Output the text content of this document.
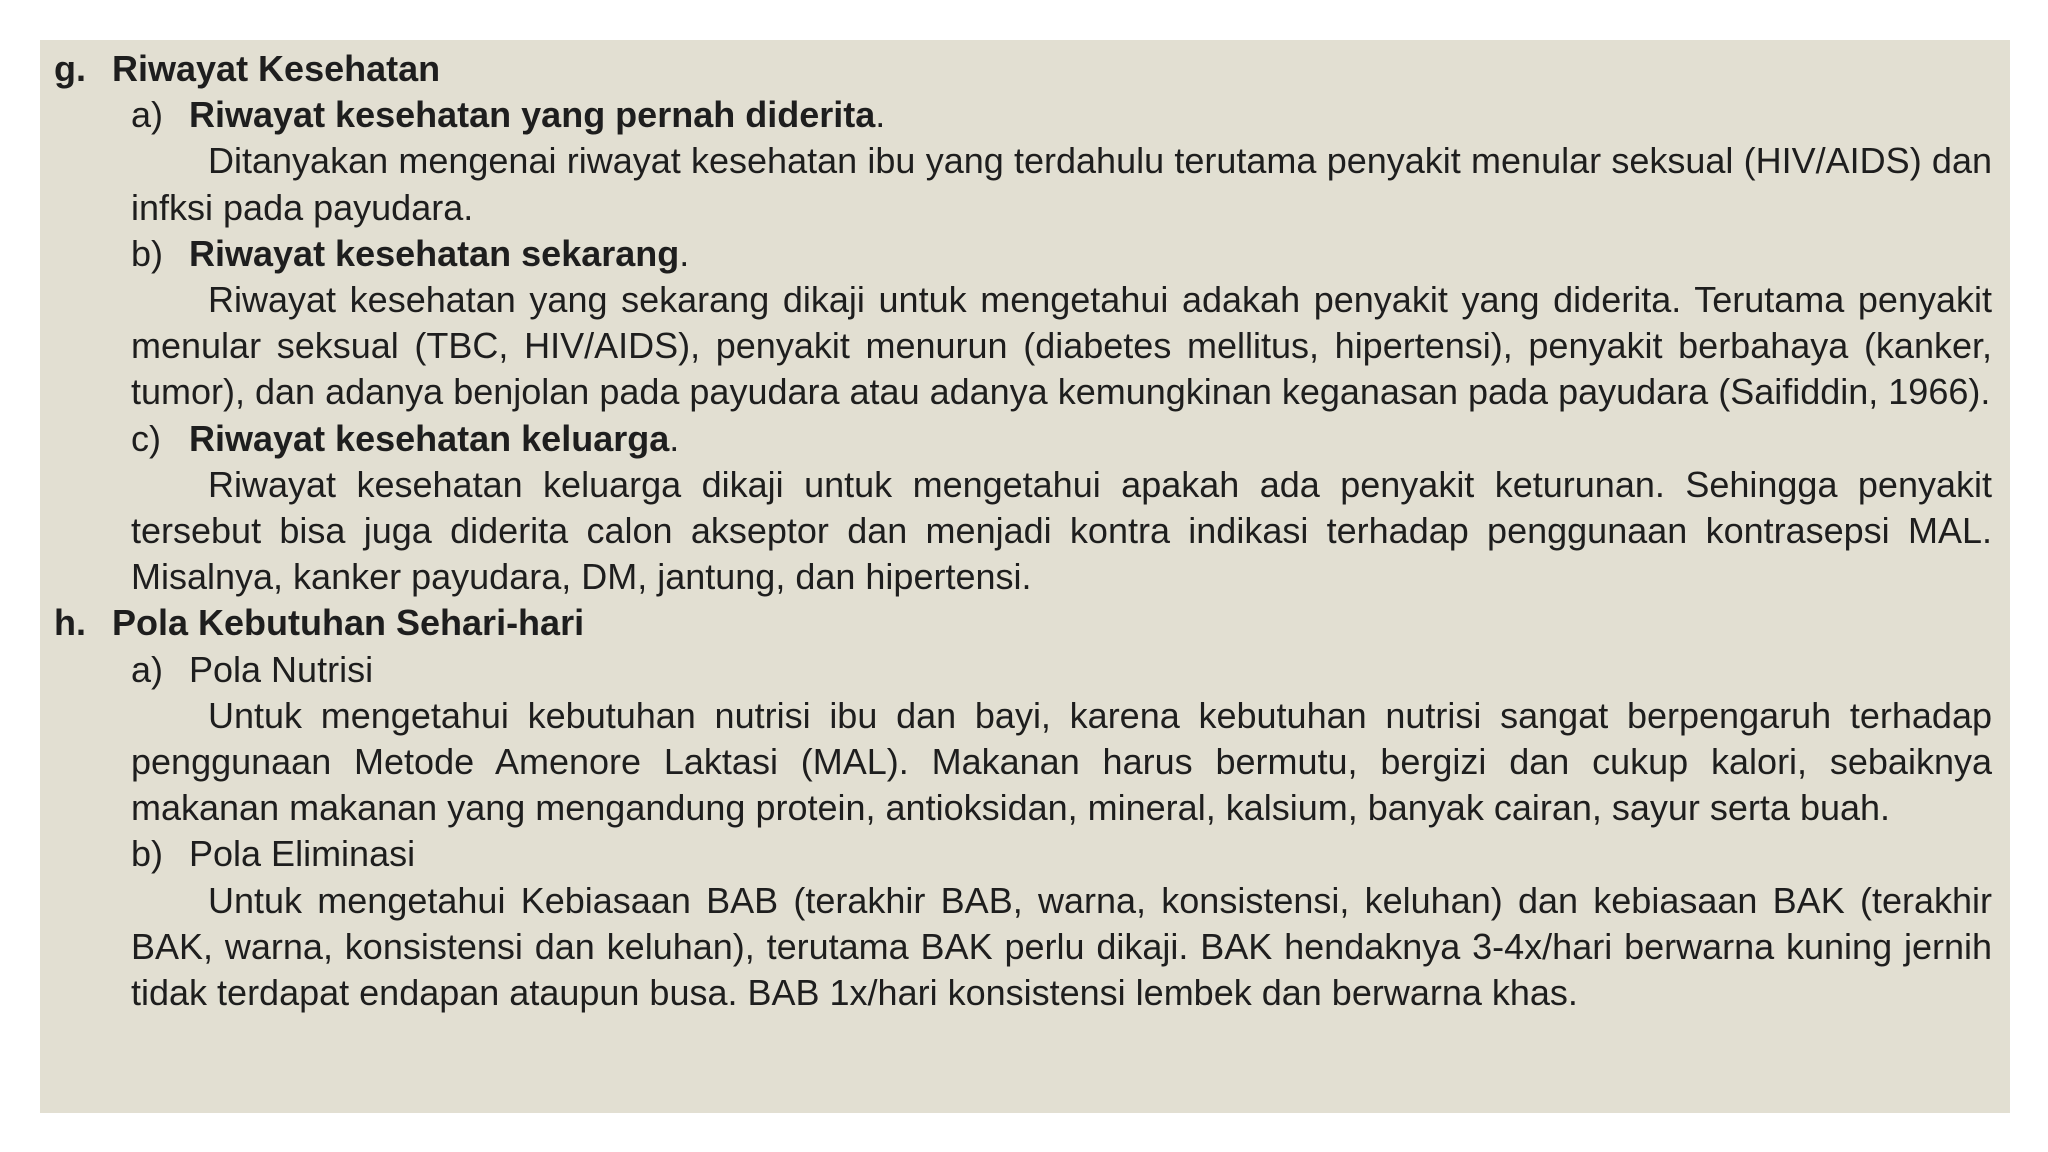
g. Riwayat Kesehatan
a) Riwayat kesehatan yang pernah diderita.
Ditanyakan mengenai riwayat kesehatan ibu yang terdahulu terutama penyakit menular seksual (HIV/AIDS) dan infksi pada payudara.
b) Riwayat kesehatan sekarang.
Riwayat kesehatan yang sekarang dikaji untuk mengetahui adakah penyakit yang diderita. Terutama penyakit menular seksual (TBC, HIV/AIDS), penyakit menurun (diabetes mellitus, hipertensi), penyakit berbahaya (kanker, tumor), dan adanya benjolan pada payudara atau adanya kemungkinan keganasan pada payudara (Saifiddin, 1966).
c) Riwayat kesehatan keluarga.
Riwayat kesehatan keluarga dikaji untuk mengetahui apakah ada penyakit keturunan. Sehingga penyakit tersebut bisa juga diderita calon akseptor dan menjadi kontra indikasi terhadap penggunaan kontrasepsi MAL. Misalnya, kanker payudara, DM, jantung, dan hipertensi.
h. Pola Kebutuhan Sehari-hari
a) Pola Nutrisi
Untuk mengetahui kebutuhan nutrisi ibu dan bayi, karena kebutuhan nutrisi sangat berpengaruh terhadap penggunaan Metode Amenore Laktasi (MAL). Makanan harus bermutu, bergizi dan cukup kalori, sebaiknya makanan makanan yang mengandung protein, antioksidan, mineral, kalsium, banyak cairan, sayur serta buah.
b) Pola Eliminasi
Untuk mengetahui Kebiasaan BAB (terakhir BAB, warna, konsistensi, keluhan) dan kebiasaan BAK (terakhir BAK, warna, konsistensi dan keluhan), terutama BAK perlu dikaji. BAK hendaknya 3-4x/hari berwarna kuning jernih tidak terdapat endapan ataupun busa. BAB 1x/hari konsistensi lembek dan berwarna khas.
